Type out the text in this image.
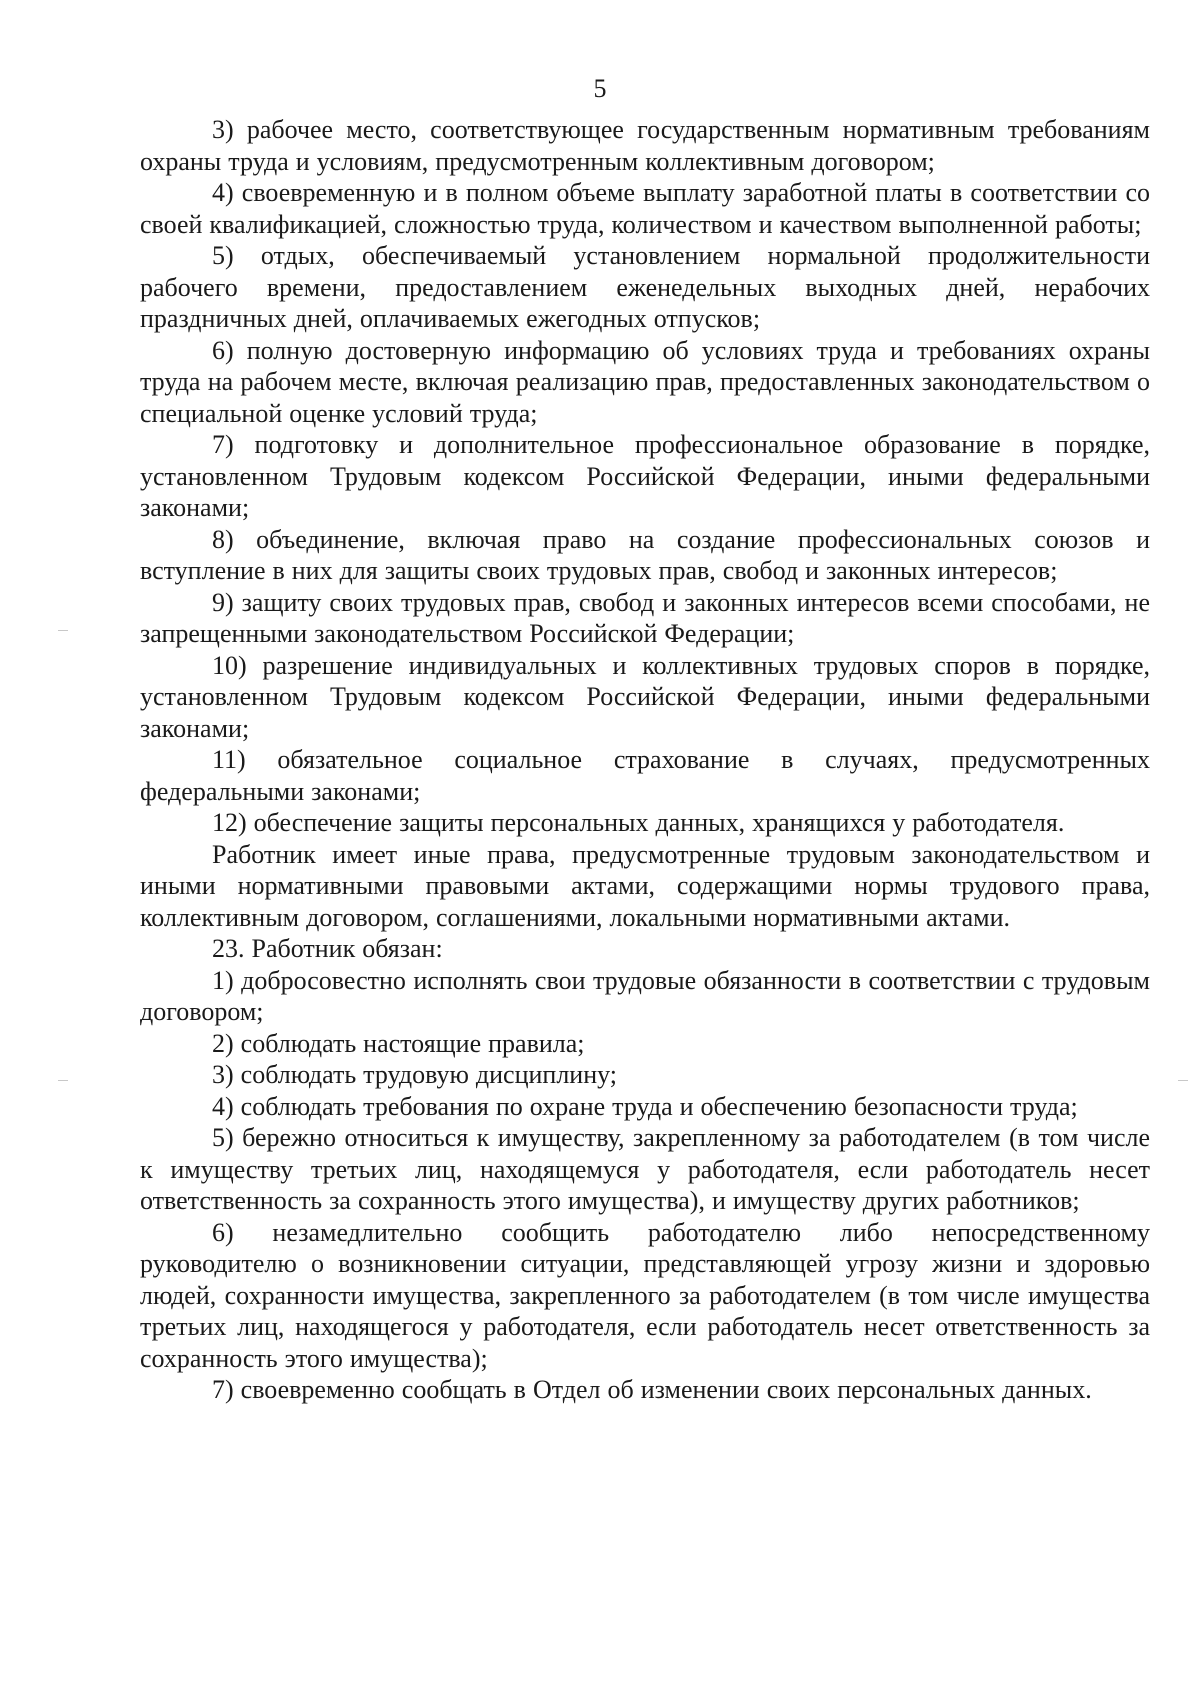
5

3) рабочее место, соответствующее государственным нормативным требованиям охраны труда и условиям, предусмотренным коллективным договором;

4) своевременную и в полном объеме выплату заработной платы в соответствии со своей квалификацией, сложностью труда, количеством и качеством выполненной работы;

5) отдых, обеспечиваемый установлением нормальной продолжительности рабочего времени, предоставлением еженедельных выходных дней, нерабочих праздничных дней, оплачиваемых ежегодных отпусков;

6) полную достоверную информацию об условиях труда и требованиях охраны труда на рабочем месте, включая реализацию прав, предоставленных законодательством о специальной оценке условий труда;

7) подготовку и дополнительное профессиональное образование в порядке, установленном Трудовым кодексом Российской Федерации, иными федеральными законами;

8) объединение, включая право на создание профессиональных союзов и вступление в них для защиты своих трудовых прав, свобод и законных интересов;

9) защиту своих трудовых прав, свобод и законных интересов всеми способами, не запрещенными законодательством Российской Федерации;

10) разрешение индивидуальных и коллективных трудовых споров в порядке, установленном Трудовым кодексом Российской Федерации, иными федеральными законами;

11) обязательное социальное страхование в случаях, предусмотренных федеральными законами;

12) обеспечение защиты персональных данных, хранящихся у работодателя.

Работник имеет иные права, предусмотренные трудовым законодательством и иными нормативными правовыми актами, содержащими нормы трудового права, коллективным договором, соглашениями, локальными нормативными актами.

23. Работник обязан:

1) добросовестно исполнять свои трудовые обязанности в соответствии с трудовым договором;

2) соблюдать настоящие правила;

3) соблюдать трудовую дисциплину;

4) соблюдать требования по охране труда и обеспечению безопасности труда;

5) бережно относиться к имуществу, закрепленному за работодателем (в том числе к имуществу третьих лиц, находящемуся у работодателя, если работодатель несет ответственность за сохранность этого имущества), и имуществу других работников;

6) незамедлительно сообщить работодателю либо непосредственному руководителю о возникновении ситуации, представляющей угрозу жизни и здоровью людей, сохранности имущества, закрепленного за работодателем (в том числе имущества третьих лиц, находящегося у работодателя, если работодатель несет ответственность за сохранность этого имущества);

7) своевременно сообщать в Отдел об изменении своих персональных данных.
